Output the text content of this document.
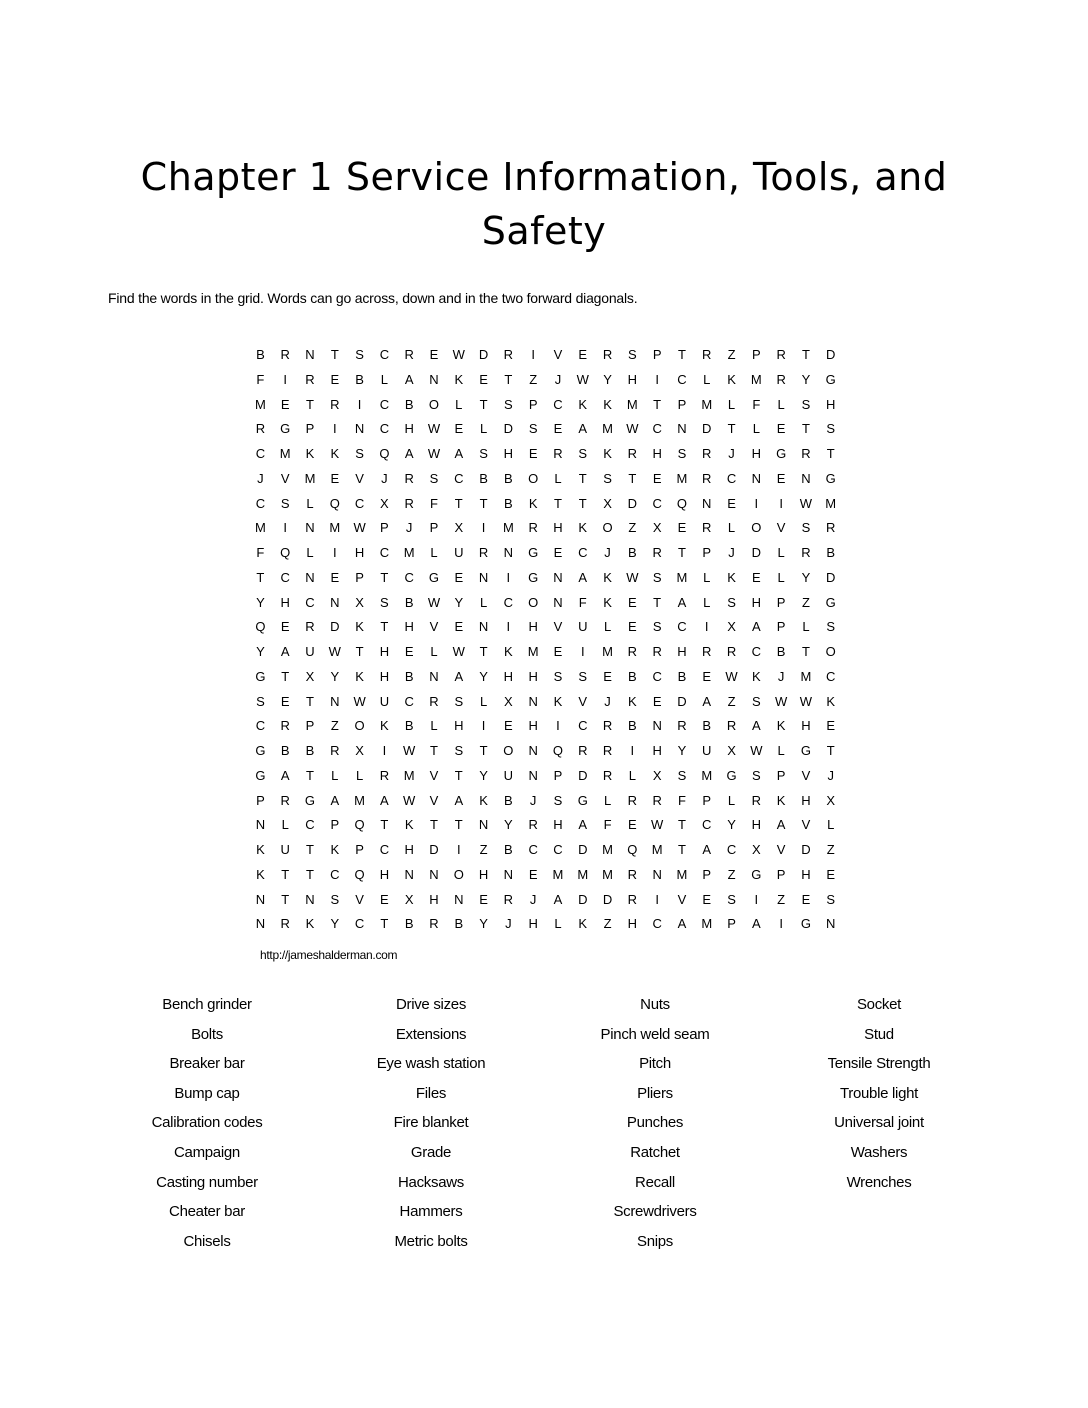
Chapter 1 Service Information, Tools, and Safety

Find the words in the grid. Words can go across, down and in the two forward diagonals.

B	R	N	T	S	C	R	E	W	D	R	I	V	E	R	S	P	T	R	Z	P	R	T	D
F	I	R	E	B	L	A	N	K	E	T	Z	J	W	Y	H	I	C	L	K	M	R	Y	G
M	E	T	R	I	C	B	O	L	T	S	P	C	K	K	M	T	P	M	L	F	L	S	H
R	G	P	I	N	C	H	W	E	L	D	S	E	A	M	W	C	N	D	T	L	E	T	S
C	M	K	K	S	Q	A	W	A	S	H	E	R	S	K	R	H	S	R	J	H	G	R	T
J	V	M	E	V	J	R	S	C	B	B	O	L	T	S	T	E	M	R	C	N	E	N	G
C	S	L	Q	C	X	R	F	T	T	B	K	T	T	X	D	C	Q	N	E	I	I	W	M
M	I	N	M	W	P	J	P	X	I	M	R	H	K	O	Z	X	E	R	L	O	V	S	R
F	Q	L	I	H	C	M	L	U	R	N	G	E	C	J	B	R	T	P	J	D	L	R	B
T	C	N	E	P	T	C	G	E	N	I	G	N	A	K	W	S	M	L	K	E	L	Y	D
Y	H	C	N	X	S	B	W	Y	L	C	O	N	F	K	E	T	A	L	S	H	P	Z	G
Q	E	R	D	K	T	H	V	E	N	I	H	V	U	L	E	S	C	I	X	A	P	L	S
Y	A	U	W	T	H	E	L	W	T	K	M	E	I	M	R	R	H	R	R	C	B	T	O
G	T	X	Y	K	H	B	N	A	Y	H	H	S	S	E	B	C	B	E	W	K	J	M	C
S	E	T	N	W	U	C	R	S	L	X	N	K	V	J	K	E	D	A	Z	S	W W	K
C	R	P	Z	O	K	B	L	H	I	E	H	I	C	R	B	N	R	B	R	A	K	H	E
G	B	B	R	X	I	W	T	S	T	O	N	Q	R	R	I	H	Y	U	X	W	L	G	T
G	A	T	L	L	R	M	V	T	Y	U	N	P	D	R	L	X	S	M	G	S	P	V	J
P	R	G	A	M	A	W	V	A	K	B	J	S	G	L	R	R	F	P	L	R	K	H	X
N	L	C	P	Q	T	K	T	T	N	Y	R	H	A	F	E	W	T	C	Y	H	A	V	L
K	U	T	K	P	C	H	D	I	Z	B	C	C	D	M	Q	M	T	A	C	X	V	D	Z
K	T	T	C	Q	H	N	N	O	H	N	E	M	M	M	R	N	M	P	Z	G	P	H	E
N	T	N	S	V	E	X	H	N	E	R	J	A	D	D	R	I	V	E	S	I	Z	E	S
N	R	K	Y	C	T	B	R	B	Y	J	H	L	K	Z	H	C	A	M	P	A	I	G	N

http://jameshalderman.com

Bench grinder
Bolts
Breaker bar
Bump cap
Calibration codes
Campaign
Casting number
Cheater bar
Chisels
Drive sizes
Extensions
Eye wash station
Files
Fire blanket
Grade
Hacksaws
Hammers
Metric bolts
Nuts
Pinch weld seam
Pitch
Pliers
Punches
Ratchet
Recall
Screwdrivers
Snips
Socket
Stud
Tensile Strength
Trouble light
Universal joint
Washers
Wrenches
